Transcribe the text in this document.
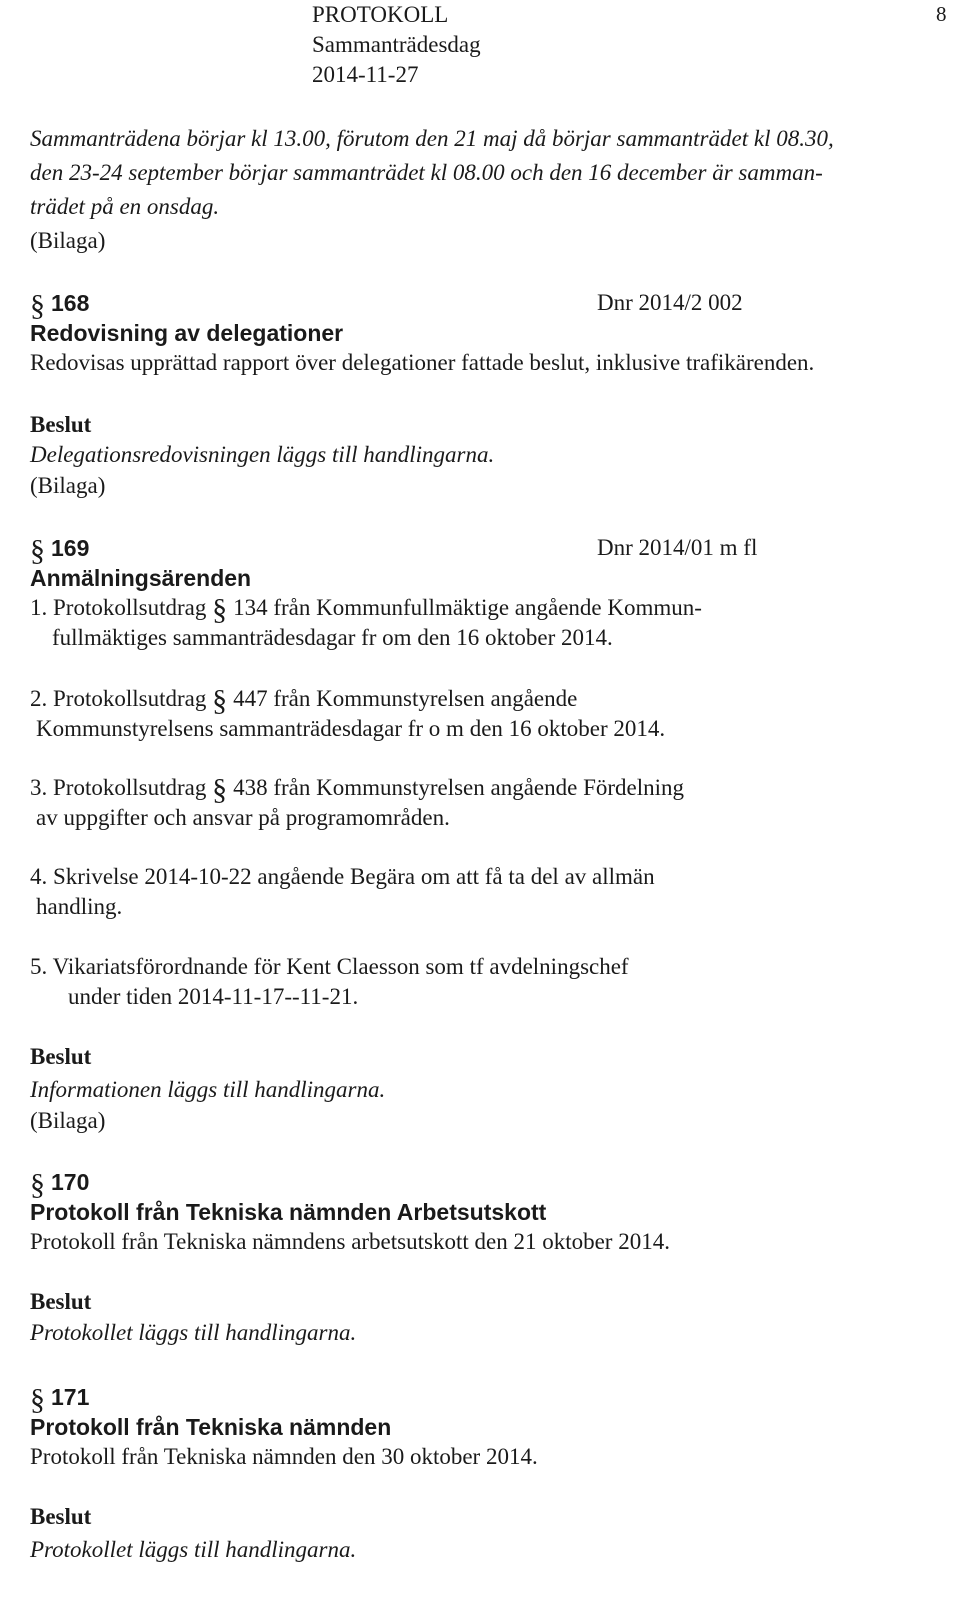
PROTOKOLL
Sammanträdesdag
2014-11-27
8
Sammanträdena börjar kl 13.00, förutom den 21 maj då börjar sammanträdet kl 08.30,
den 23-24 september börjar sammanträdet kl 08.00 och den 16 december är samman-
trädet på en onsdag.
(Bilaga)
§ 168	Dnr 2014/2 002
Redovisning av delegationer
Redovisas upprättad rapport över delegationer fattade beslut, inklusive trafikärenden.
Beslut
Delegationsredovisningen läggs till handlingarna.
(Bilaga)
§ 169	Dnr 2014/01 m fl
Anmälningsärenden
1. Protokollsutdrag § 134 från Kommunfullmäktige angående Kommun-
fullmäktiges sammanträdesdagar fr om den 16 oktober 2014.
2. Protokollsutdrag § 447 från Kommunstyrelsen angående
Kommunstyrelsens sammanträdesdagar fr o m den 16 oktober 2014.
3. Protokollsutdrag § 438 från Kommunstyrelsen angående Fördelning
av uppgifter och ansvar på programområden.
4. Skrivelse 2014-10-22 angående Begära om att få ta del av allmän
handling.
5. Vikariatsförordnande för Kent Claesson som tf avdelningschef
under tiden 2014-11-17--11-21.
Beslut
Informationen läggs till handlingarna.
(Bilaga)
§ 170
Protokoll från Tekniska nämnden Arbetsutskott
Protokoll från Tekniska nämndens arbetsutskott den 21 oktober 2014.
Beslut
Protokollet läggs till handlingarna.
§ 171
Protokoll från Tekniska nämnden
Protokoll från Tekniska nämnden den 30 oktober 2014.
Beslut
Protokollet läggs till handlingarna.
